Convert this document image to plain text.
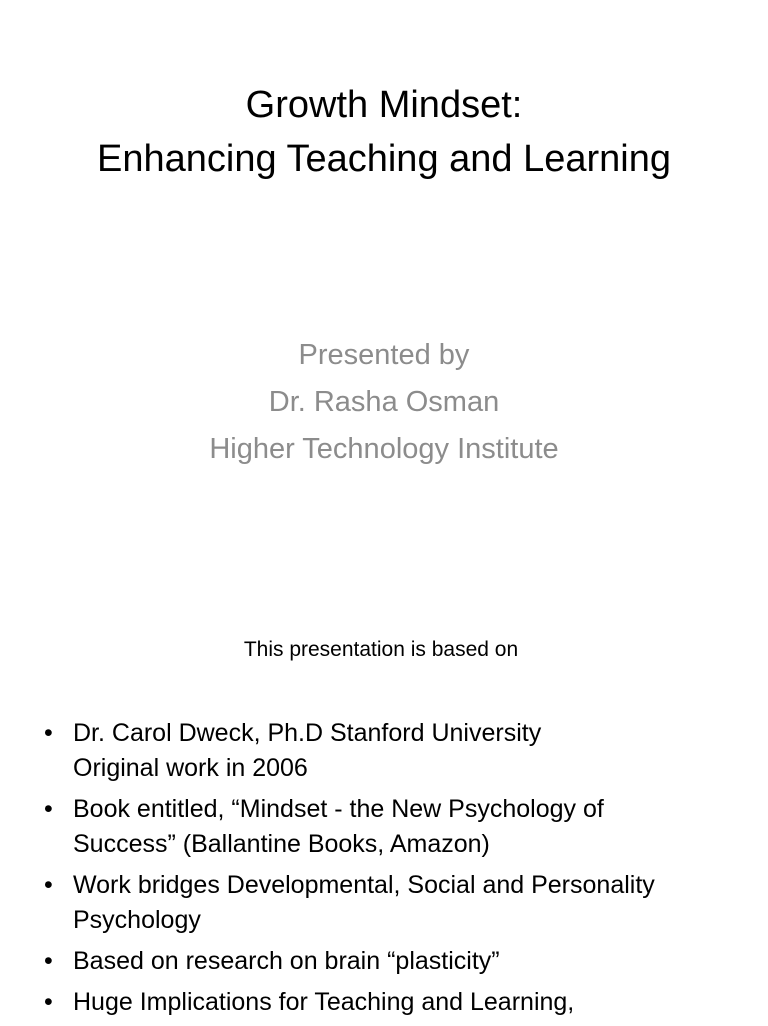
Growth Mindset:
Enhancing Teaching and Learning
Presented by
Dr. Rasha Osman
Higher Technology Institute
This presentation is based on
• Dr. Carol Dweck, Ph.D Stanford University
Original work in 2006
• Book entitled, “Mindset - the New Psychology of
Success” (Ballantine Books, Amazon)
• Work bridges Developmental, Social and Personality
Psychology
• Based on research on brain “plasticity”
• Huge Implications for Teaching and Learning,
